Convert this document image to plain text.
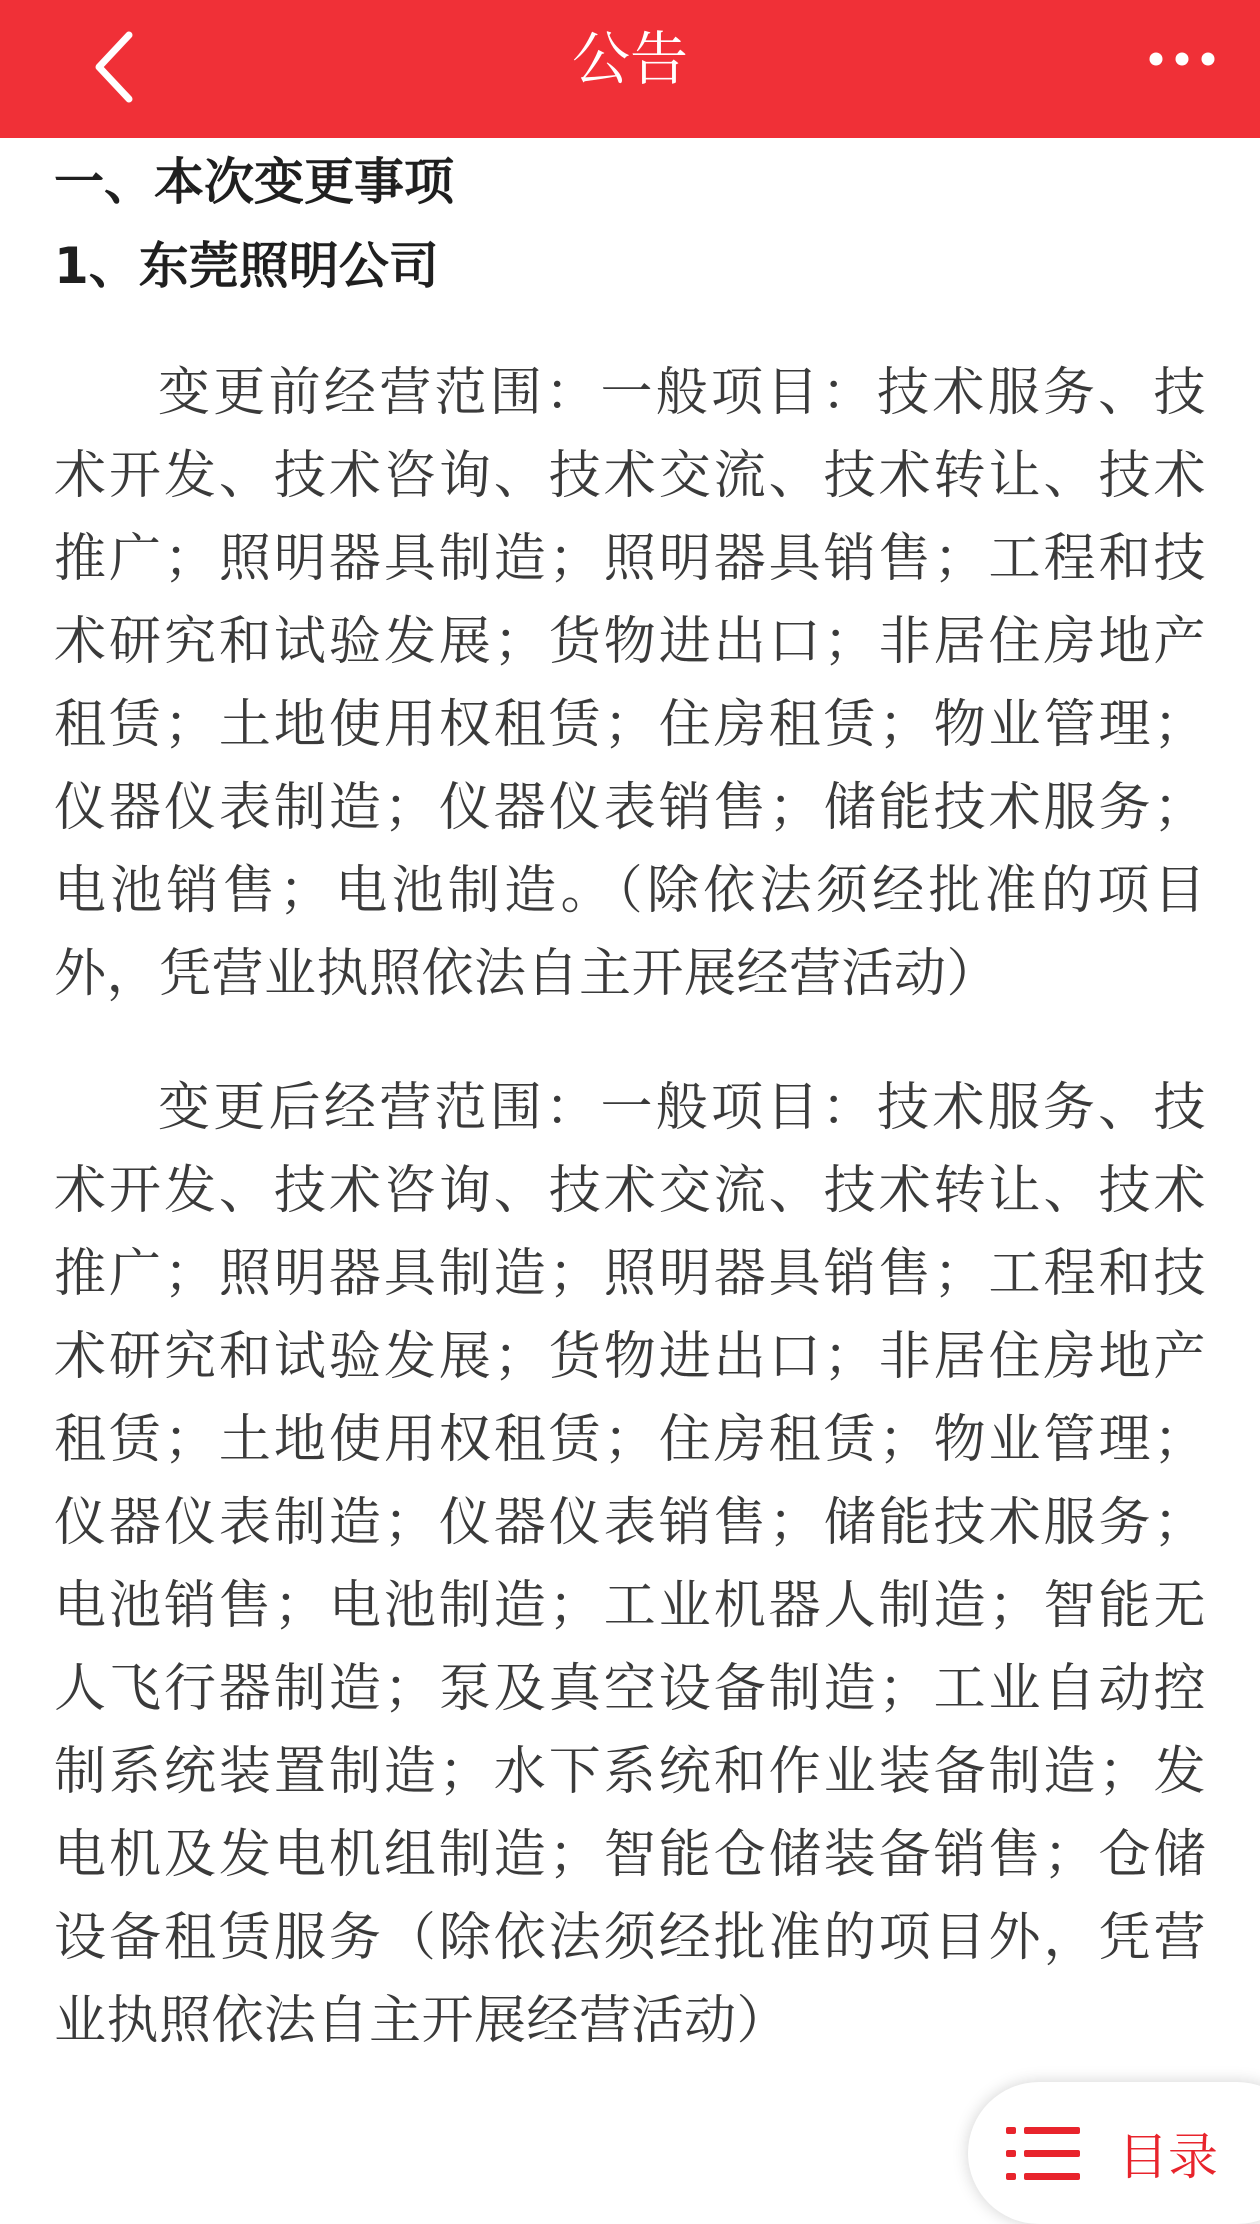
公告

一、本次变更事项

1、东莞照明公司

变更前经营范围：一般项目：技术服务、技术开发、技术咨询、技术交流、技术转让、技术推广；照明器具制造；照明器具销售；工程和技术研究和试验发展；货物进出口；非居住房地产租赁；土地使用权租赁；住房租赁；物业管理；仪器仪表制造；仪器仪表销售；储能技术服务；电池销售；电池制造。（除依法须经批准的项目外，凭营业执照依法自主开展经营活动）

变更后经营范围：一般项目：技术服务、技术开发、技术咨询、技术交流、技术转让、技术推广；照明器具制造；照明器具销售；工程和技术研究和试验发展；货物进出口；非居住房地产租赁；土地使用权租赁；住房租赁；物业管理；仪器仪表制造；仪器仪表销售；储能技术服务；电池销售；电池制造；工业机器人制造；智能无人飞行器制造；泵及真空设备制造；工业自动控制系统装置制造；水下系统和作业装备制造；发电机及发电机组制造；智能仓储装备销售；仓储设备租赁服务（除依法须经批准的项目外，凭营业执照依法自主开展经营活动）

目录
